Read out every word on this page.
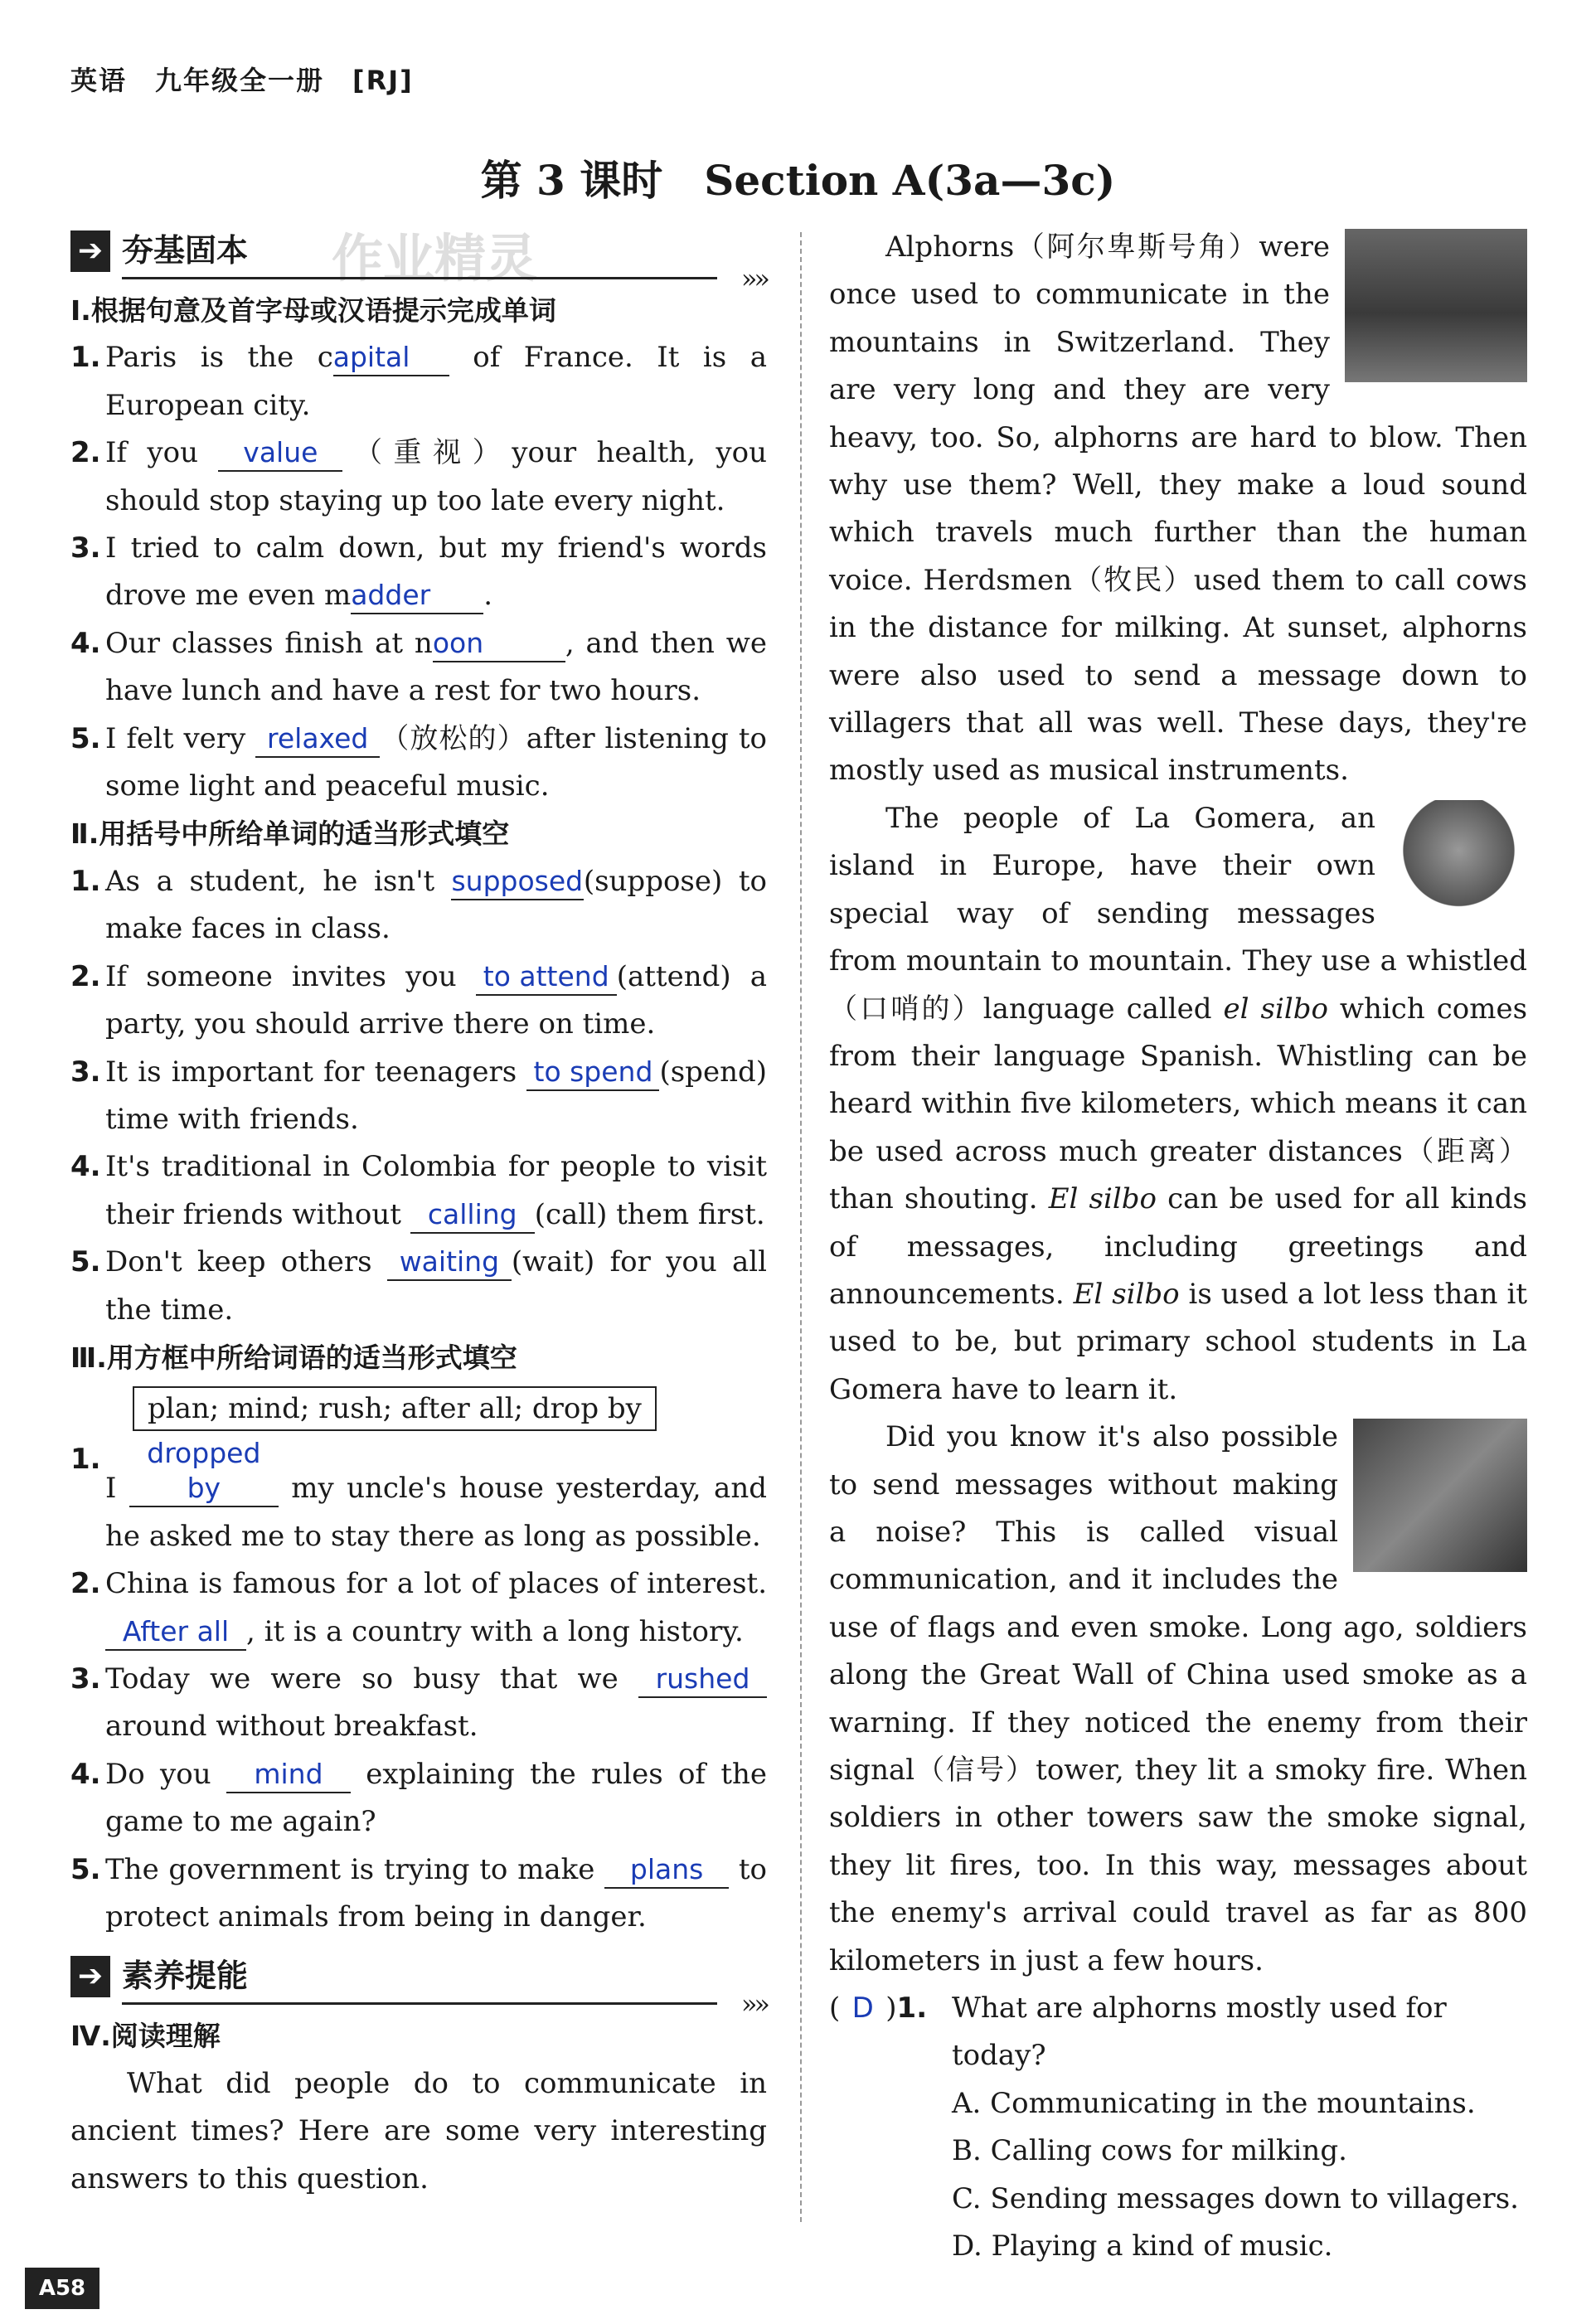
英语　九年级全一册　[RJ]
第 3 课时　Section A(3a—3c)
作业精灵
➔ 夯基固本
»»
Ⅰ.根据句意及首字母或汉语提示完成单词
1. Paris is the capital of France. It is a European city.
2. If you value （重视）your health, you should stop staying up too late every night.
3. I tried to calm down, but my friend's words drove me even madder .
4. Our classes finish at noon	, and then we have lunch and have a rest for two hours.
5. I felt very relaxed （放松的）after listening to some light and peaceful music.
Ⅱ.用括号中所给单词的适当形式填空
1. As a student, he isn't supposed(suppose) to make faces in class.
2. If someone invites you to attend (attend) a party, you should arrive there on time.
3. It is important for teenagers to spend (spend) time with friends.
4. It's traditional in Colombia for people to visit their friends without calling (call) them first.
5. Don't keep others waiting (wait) for you all the time.
Ⅲ.用方框中所给词语的适当形式填空
plan; mind; rush; after all; drop by
1.
I dropped by my uncle's house yesterday, and he asked me to stay there as long as possible.
2. China is famous for a lot of places of interest. After all , it is a country with a long history.
3. Today we were so busy that we rushed around without breakfast.
4. Do you mind explaining the rules of the game to me again?
5. The government is trying to make plans to protect animals from being in danger.
➔ 素养提能
»»
Ⅳ.阅读理解
What did people do to communicate in ancient times? Here are some very interesting answers to this question.
Alphorns（阿尔卑斯号角）were once used to communicate in the mountains in Switzerland. They are very long and they are very heavy, too. So, alphorns are hard to blow. Then why use them? Well, they make a loud sound which travels much further than the human voice. Herdsmen（牧民）used them to call cows in the distance for milking. At sunset, alphorns were also used to send a message down to villagers that all was well. These days, they're mostly used as musical instruments.
The people of La Gomera, an island in Europe, have their own special way of sending messages from mountain to mountain. They use a whistled（口哨的）language called el silbo which comes from their language Spanish. Whistling can be heard within five kilometers, which means it can be used across much greater distances（距离）than shouting. El silbo can be used for all kinds of messages, including greetings and announcements. El silbo is used a lot less than it used to be, but primary school students in La Gomera have to learn it.
Did you know it's also possible to send messages without making a noise? This is called visual communication, and it includes the use of flags and even smoke. Long ago, soldiers along the Great Wall of China used smoke as a warning. If they noticed the enemy from their signal（信号）tower, they lit a smoky fire. When soldiers in other towers saw the smoke signal, they lit fires, too. In this way, messages about the enemy's arrival could travel as far as 800 kilometers in just a few hours.
( D )1. What are alphorns mostly used for today?
A. Communicating in the mountains.
B. Calling cows for milking.
C. Sending messages down to villagers.
D. Playing a kind of music.
A58
